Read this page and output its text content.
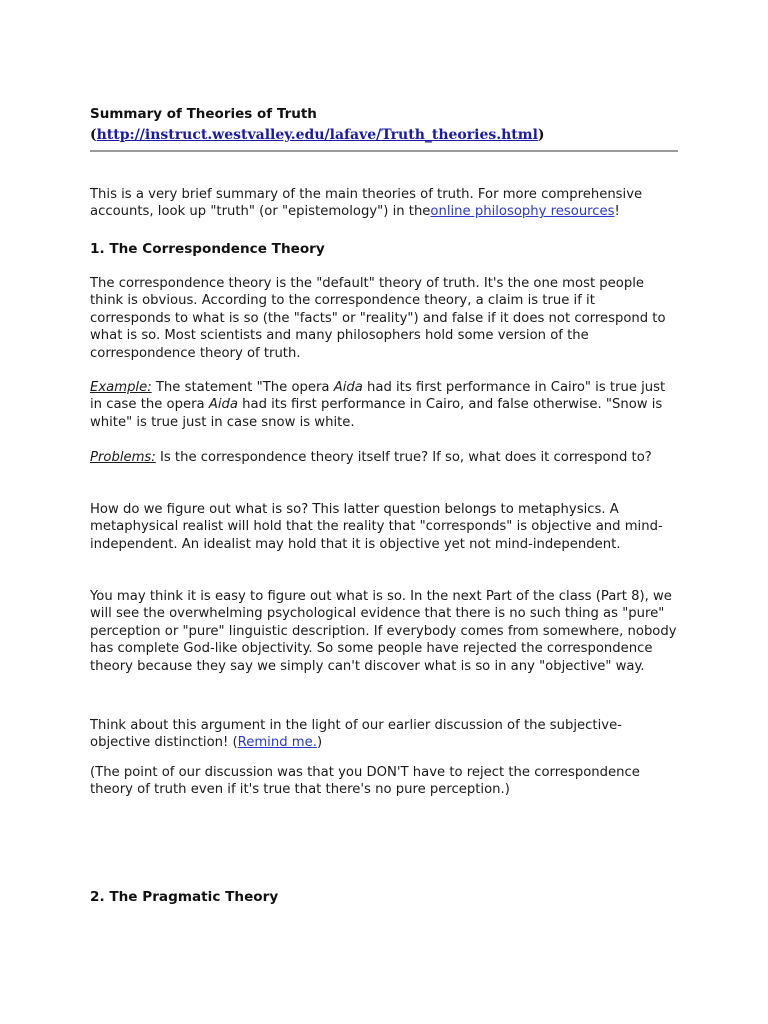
Summary of Theories of Truth
(http://instruct.westvalley.edu/lafave/Truth_theories.html)

This is a very brief summary of the main theories of truth. For more comprehensive accounts, look up "truth" (or "epistemology") in theonline philosophy resources!

1. The Correspondence Theory

The correspondence theory is the "default" theory of truth. It's the one most people think is obvious. According to the correspondence theory, a claim is true if it corresponds to what is so (the "facts" or "reality") and false if it does not correspond to what is so. Most scientists and many philosophers hold some version of the correspondence theory of truth.

Example: The statement "The opera Aida had its first performance in Cairo" is true just in case the opera Aida had its first performance in Cairo, and false otherwise. "Snow is white" is true just in case snow is white.

Problems: Is the correspondence theory itself true? If so, what does it correspond to?

How do we figure out what is so? This latter question belongs to metaphysics. A metaphysical realist will hold that the reality that "corresponds" is objective and mind-independent. An idealist may hold that it is objective yet not mind-independent.

You may think it is easy to figure out what is so. In the next Part of the class (Part 8), we will see the overwhelming psychological evidence that there is no such thing as "pure" perception or "pure" linguistic description. If everybody comes from somewhere, nobody has complete God-like objectivity. So some people have rejected the correspondence theory because they say we simply can't discover what is so in any "objective" way.

Think about this argument in the light of our earlier discussion of the subjective-objective distinction! (Remind me.)

(The point of our discussion was that you DON'T have to reject the correspondence theory of truth even if it's true that there's no pure perception.)

2. The Pragmatic Theory
